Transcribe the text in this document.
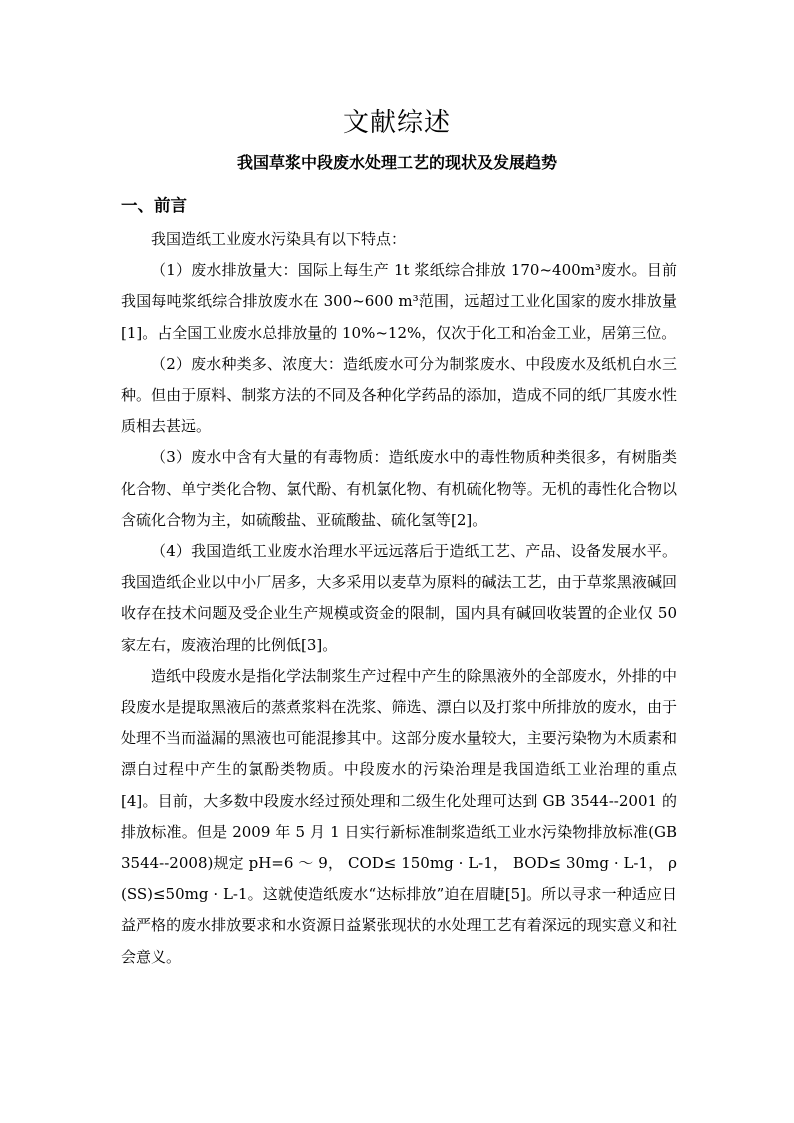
文献综述
我国草浆中段废水处理工艺的现状及发展趋势
一、前言

我国造纸工业废水污染具有以下特点：

（1）废水排放量大：国际上每生产 1t 浆纸综合排放 170~400m³废水。目前我国每吨浆纸综合排放废水在 300~600 m³范围，远超过工业化国家的废水排放量[1]。占全国工业废水总排放量的 10%~12%，仅次于化工和冶金工业，居第三位。

（2）废水种类多、浓度大：造纸废水可分为制浆废水、中段废水及纸机白水三种。但由于原料、制浆方法的不同及各种化学药品的添加，造成不同的纸厂其废水性质相去甚远。

（3）废水中含有大量的有毒物质：造纸废水中的毒性物质种类很多，有树脂类化合物、单宁类化合物、氯代酚、有机氯化物、有机硫化物等。无机的毒性化合物以含硫化合物为主，如硫酸盐、亚硫酸盐、硫化氢等[2]。

（4）我国造纸工业废水治理水平远远落后于造纸工艺、产品、设备发展水平。我国造纸企业以中小厂居多，大多采用以麦草为原料的碱法工艺，由于草浆黑液碱回收存在技术问题及受企业生产规模或资金的限制，国内具有碱回收装置的企业仅 50 家左右，废液治理的比例低[3]。

造纸中段废水是指化学法制浆生产过程中产生的除黑液外的全部废水，外排的中段废水是提取黑液后的蒸煮浆料在洗浆、筛选、漂白以及打浆中所排放的废水，由于处理不当而溢漏的黑液也可能混掺其中。这部分废水量较大，主要污染物为木质素和漂白过程中产生的氯酚类物质。中段废水的污染治理是我国造纸工业治理的重点[4]。目前，大多数中段废水经过预处理和二级生化处理可达到 GB 3544--2001 的排放标准。但是 2009 年 5 月 1 日实行新标准制浆造纸工业水污染物排放标准(GB 3544--2008)规定 pH=6 ～ 9， COD≤ 150mg · L-1， BOD≤ 30mg · L-1， ρ (SS)≤50mg · L-1。这就使造纸废水“达标排放”迫在眉睫[5]。所以寻求一种适应日益严格的废水排放要求和水资源日益紧张现状的水处理工艺有着深远的现实意义和社会意义。
